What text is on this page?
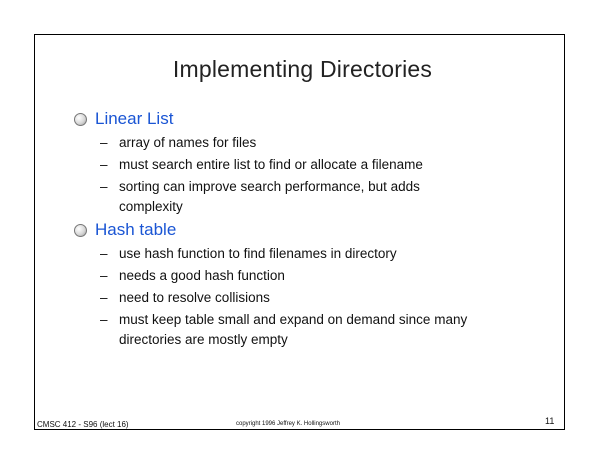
Implementing Directories
Linear List
– array of names for files
– must search entire list to find or allocate a filename
– sorting can improve search performance, but adds complexity
Hash table
– use hash function to find filenames in directory
– needs a good hash function
– need to resolve collisions
– must keep table small and expand on demand since many directories are mostly empty
CMSC 412 - S96 (lect 16)	copyright 1996 Jeffrey K. Hollingsworth	11
